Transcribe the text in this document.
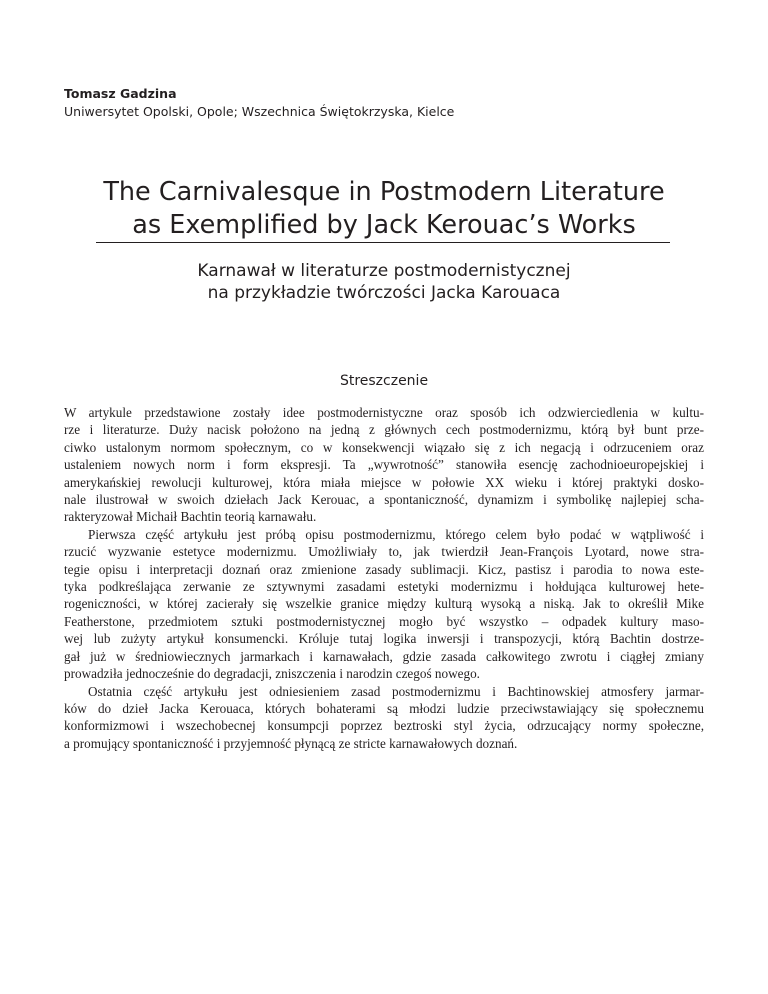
Tomasz Gadzina
Uniwersytet Opolski, Opole; Wszechnica Świętokrzyska, Kielce
The Carnivalesque in Postmodern Literature
as Exemplified by Jack Kerouac’s Works
Karnawał w literaturze postmodernistycznej
na przykładzie twórczości Jacka Karouaca
Streszczenie

W artykule przedstawione zostały idee postmodernistyczne oraz sposób ich odzwierciedlenia w kultu-

rze i literaturze. Duży nacisk położono na jedną z głównych cech postmodernizmu, którą był bunt prze-

ciwko ustalonym normom społecznym, co w konsekwencji wiązało się z ich negacją i odrzuceniem oraz

ustaleniem nowych norm i form ekspresji. Ta „wywrotność” stanowiła esencję zachodnioeuropejskiej i

amerykańskiej rewolucji kulturowej, która miała miejsce w połowie XX wieku i której praktyki dosko-

nale ilustrował w swoich dziełach Jack Kerouac, a spontaniczność, dynamizm i symbolikę najlepiej scha-

rakteryzował Michaił Bachtin teorią karnawału.

Pierwsza część artykułu jest próbą opisu postmodernizmu, którego celem było podać w wątpliwość i

rzucić wyzwanie estetyce modernizmu. Umożliwiały to, jak twierdził Jean-François Lyotard, nowe stra-

tegie opisu i interpretacji doznań oraz zmienione zasady sublimacji. Kicz, pastisz i parodia to nowa este-

tyka podkreślająca zerwanie ze sztywnymi zasadami estetyki modernizmu i hołdująca kulturowej hete-

rogeniczności, w której zacierały się wszelkie granice między kulturą wysoką a niską. Jak to określił Mike

Featherstone, przedmiotem sztuki postmodernistycznej mogło być wszystko – odpadek kultury maso-

wej lub zużyty artykuł konsumencki. Króluje tutaj logika inwersji i transpozycji, którą Bachtin dostrze-

gał już w średniowiecznych jarmarkach i karnawałach, gdzie zasada całkowitego zwrotu i ciągłej zmiany

prowadziła jednocześnie do degradacji, zniszczenia i narodzin czegoś nowego.

Ostatnia część artykułu jest odniesieniem zasad postmodernizmu i Bachtinowskiej atmosfery jarmar-

ków do dzieł Jacka Kerouaca, których bohaterami są młodzi ludzie przeciwstawiający się społecznemu

konformizmowi i wszechobecnej konsumpcji poprzez beztroski styl życia, odrzucający normy społeczne,

a promujący spontaniczność i przyjemność płynącą ze stricte karnawałowych doznań.
